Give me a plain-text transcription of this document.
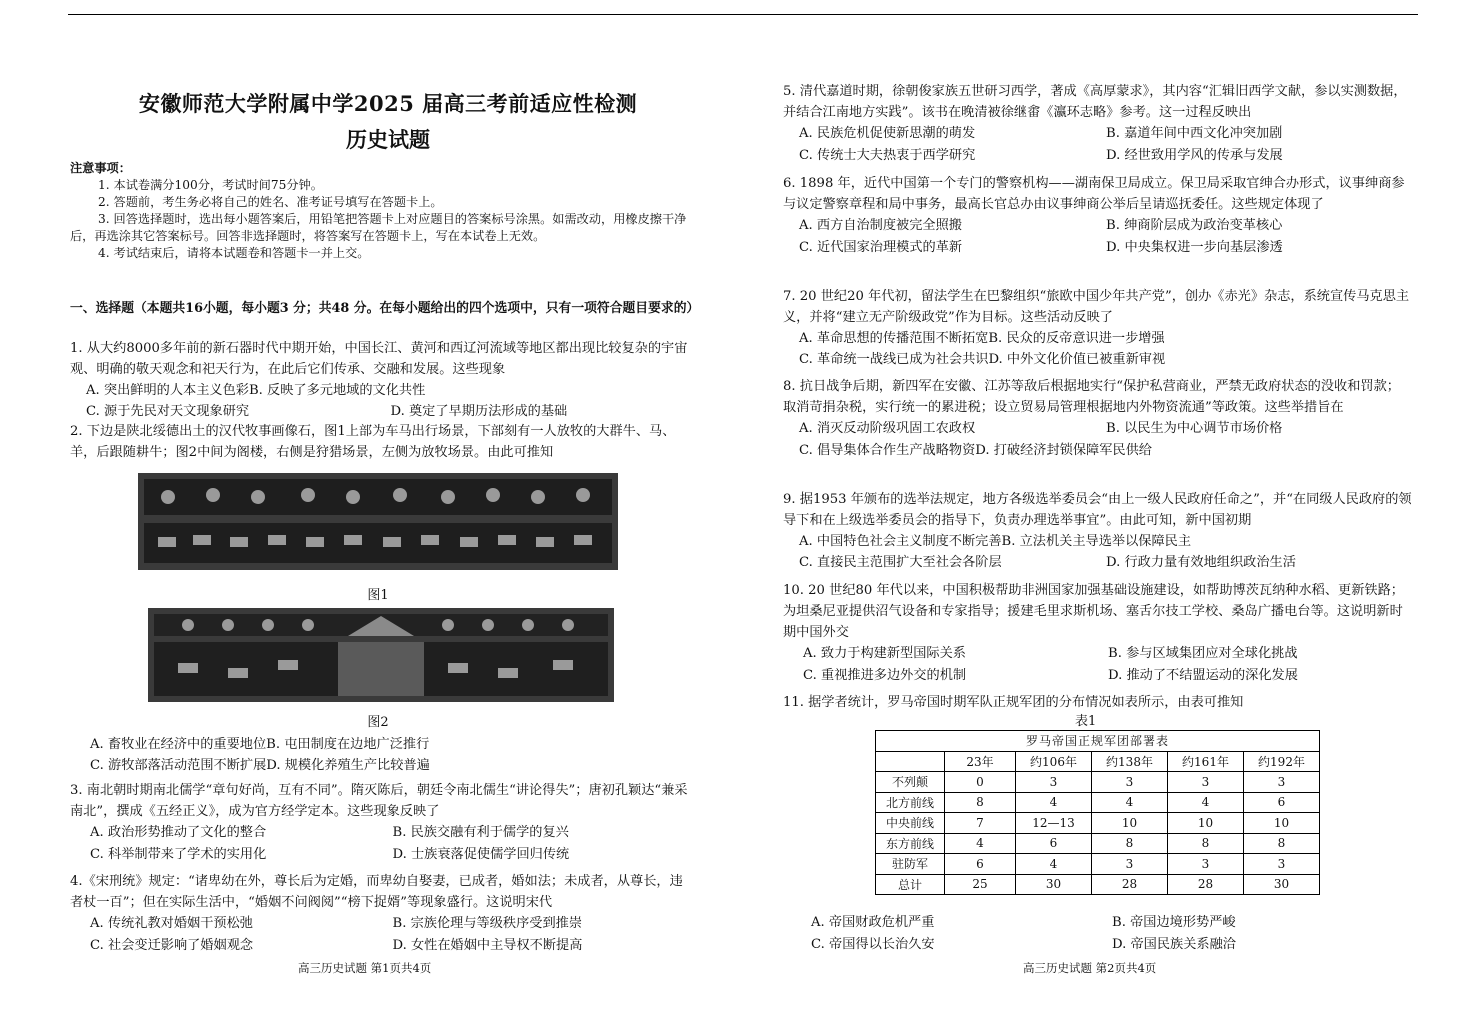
安徽师范大学附属中学2025 届高三考前适应性检测
历史试题
注意事项：
1. 本试卷满分100分，考试时间75分钟。
2. 答题前，考生务必将自己的姓名、准考证号填写在答题卡上。
3. 回答选择题时，选出每小题答案后，用铅笔把答题卡上对应题目的答案标号涂黑。如需改动，用橡皮擦干净后，再选涂其它答案标号。回答非选择题时，将答案写在答题卡上，写在本试卷上无效。
4. 考试结束后，请将本试题卷和答题卡一并上交。
一、选择题（本题共16小题，每小题3 分；共48 分。在每小题给出的四个选项中，只有一项符合题目要求的）
1. 从大约8000多年前的新石器时代中期开始，中国长江、黄河和西辽河流域等地区都出现比较复杂的宇宙观、明确的敬天观念和祀天行为，在此后它们传承、交融和发展。这些现象
A. 突出鲜明的人本主义色彩B. 反映了多元地域的文化共性
C. 源于先民对天文现象研究	D. 奠定了早期历法形成的基础
2. 下边是陕北绥德出土的汉代牧事画像石，图1上部为车马出行场景，下部刻有一人放牧的大群牛、马、羊，后跟随耕牛；图2中间为阁楼，右侧是狩猎场景，左侧为放牧场景。由此可推知
图1
图2
A. 畜牧业在经济中的重要地位B. 屯田制度在边地广泛推行
C. 游牧部落活动范围不断扩展D. 规模化养殖生产比较普遍
3. 南北朝时期南北儒学“章句好尚，互有不同”。隋灭陈后，朝廷令南北儒生“讲论得失”；唐初孔颖达“兼采南北”，撰成《五经正义》，成为官方经学定本。这些现象反映了
A. 政治形势推动了文化的整合	B. 民族交融有利于儒学的复兴
C. 科举制带来了学术的实用化	D. 士族衰落促使儒学回归传统
4.《宋刑统》规定：“诸卑幼在外，尊长后为定婚，而卑幼自娶妻，已成者，婚如法；未成者，从尊长，违者杖一百”；但在实际生活中，“婚姻不问阀阅”“榜下捉婿”等现象盛行。这说明宋代
A. 传统礼教对婚姻干预松弛	B. 宗族伦理与等级秩序受到推崇
C. 社会变迁影响了婚姻观念	D. 女性在婚姻中主导权不断提高
高三历史试题 第1页共4页
5. 清代嘉道时期，徐朝俊家族五世研习西学，著成《高厚蒙求》，其内容“汇辑旧西学文献，参以实测数据，并结合江南地方实践”。该书在晚清被徐继畬《瀛环志略》参考。这一过程反映出
A. 民族危机促使新思潮的萌发	B. 嘉道年间中西文化冲突加剧
C. 传统士大夫热衷于西学研究	D. 经世致用学风的传承与发展
6. 1898 年，近代中国第一个专门的警察机构——湖南保卫局成立。保卫局采取官绅合办形式，议事绅商参与议定警察章程和局中事务，最高长官总办由议事绅商公举后呈请巡抚委任。这些规定体现了
A. 西方自治制度被完全照搬	B. 绅商阶层成为政治变革核心
C. 近代国家治理模式的革新	D. 中央集权进一步向基层渗透
7. 20 世纪20 年代初，留法学生在巴黎组织“旅欧中国少年共产党”，创办《赤光》杂志，系统宣传马克思主义，并将“建立无产阶级政党”作为目标。这些活动反映了
A. 革命思想的传播范围不断拓宽B. 民众的反帝意识进一步增强
C. 革命统一战线已成为社会共识D. 中外文化价值已被重新审视
8. 抗日战争后期，新四军在安徽、江苏等敌后根据地实行“保护私营商业，严禁无政府状态的没收和罚款；取消苛捐杂税，实行统一的累进税；设立贸易局管理根据地内外物资流通”等政策。这些举措旨在
A. 消灭反动阶级巩固工农政权	B. 以民生为中心调节市场价格
C. 倡导集体合作生产战略物资D. 打破经济封锁保障军民供给
9. 据1953 年颁布的选举法规定，地方各级选举委员会“由上一级人民政府任命之”，并“在同级人民政府的领导下和在上级选举委员会的指导下，负责办理选举事宜”。由此可知，新中国初期
A. 中国特色社会主义制度不断完善B. 立法机关主导选举以保障民主
C. 直接民主范围扩大至社会各阶层	D. 行政力量有效地组织政治生活
10. 20 世纪80 年代以来，中国积极帮助非洲国家加强基础设施建设，如帮助博茨瓦纳种水稻、更新铁路；为坦桑尼亚提供沼气设备和专家指导；援建毛里求斯机场、塞舌尔技工学校、桑岛广播电台等。这说明新时期中国外交
A. 致力于构建新型国际关系	B. 参与区域集团应对全球化挑战
C. 重视推进多边外交的机制	D. 推动了不结盟运动的深化发展
11. 据学者统计，罗马帝国时期军队正规军团的分布情况如表所示，由表可推知
表1
罗马帝国正规军团部署表					
	23年	约106年	约138年	约161年	约192年
不列颠	0	3	3	3	3
北方前线	8	4	4	4	6
中央前线	7	12—13	10	10	10
东方前线	4	6	8	8	8
驻防军	6	4	3	3	3
总计	25	30	28	28	30
A. 帝国财政危机严重	B. 帝国边境形势严峻
C. 帝国得以长治久安	D. 帝国民族关系融洽
高三历史试题 第2页共4页
